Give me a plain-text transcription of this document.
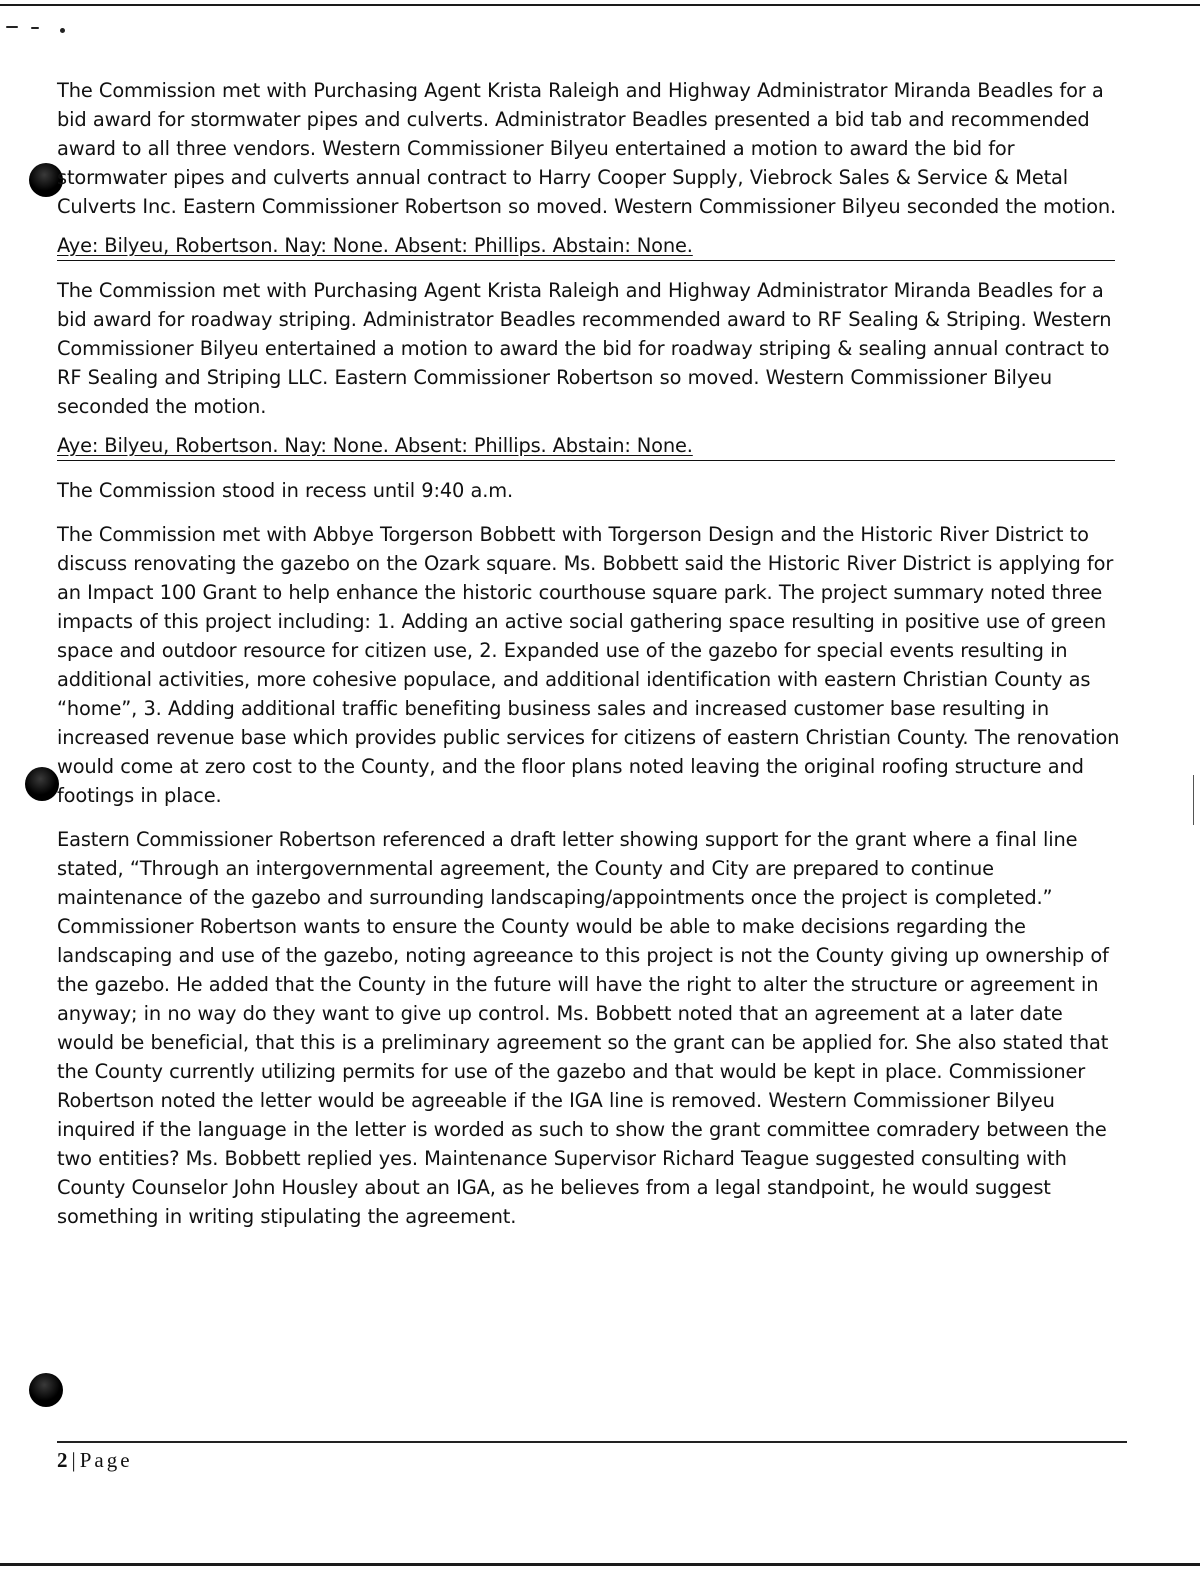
The Commission met with Purchasing Agent Krista Raleigh and Highway Administrator Miranda Beadles for a bid award for stormwater pipes and culverts. Administrator Beadles presented a bid tab and recommended award to all three vendors. Western Commissioner Bilyeu entertained a motion to award the bid for stormwater pipes and culverts annual contract to Harry Cooper Supply, Viebrock Sales & Service & Metal Culverts Inc. Eastern Commissioner Robertson so moved. Western Commissioner Bilyeu seconded the motion.

Aye: Bilyeu, Robertson. Nay: None. Absent: Phillips. Abstain: None.

The Commission met with Purchasing Agent Krista Raleigh and Highway Administrator Miranda Beadles for a bid award for roadway striping. Administrator Beadles recommended award to RF Sealing & Striping. Western Commissioner Bilyeu entertained a motion to award the bid for roadway striping & sealing annual contract to RF Sealing and Striping LLC. Eastern Commissioner Robertson so moved. Western Commissioner Bilyeu seconded the motion.

Aye: Bilyeu, Robertson. Nay: None. Absent: Phillips. Abstain: None.

The Commission stood in recess until 9:40 a.m.

The Commission met with Abbye Torgerson Bobbett with Torgerson Design and the Historic River District to discuss renovating the gazebo on the Ozark square. Ms. Bobbett said the Historic River District is applying for an Impact 100 Grant to help enhance the historic courthouse square park. The project summary noted three impacts of this project including: 1. Adding an active social gathering space resulting in positive use of green space and outdoor resource for citizen use, 2. Expanded use of the gazebo for special events resulting in additional activities, more cohesive populace, and additional identification with eastern Christian County as “home”, 3. Adding additional traffic benefiting business sales and increased customer base resulting in increased revenue base which provides public services for citizens of eastern Christian County. The renovation would come at zero cost to the County, and the floor plans noted leaving the original roofing structure and footings in place.

Eastern Commissioner Robertson referenced a draft letter showing support for the grant where a final line stated, “Through an intergovernmental agreement, the County and City are prepared to continue maintenance of the gazebo and surrounding landscaping/appointments once the project is completed.” Commissioner Robertson wants to ensure the County would be able to make decisions regarding the landscaping and use of the gazebo, noting agreeance to this project is not the County giving up ownership of the gazebo. He added that the County in the future will have the right to alter the structure or agreement in anyway; in no way do they want to give up control. Ms. Bobbett noted that an agreement at a later date would be beneficial, that this is a preliminary agreement so the grant can be applied for. She also stated that the County currently utilizing permits for use of the gazebo and that would be kept in place. Commissioner Robertson noted the letter would be agreeable if the IGA line is removed. Western Commissioner Bilyeu inquired if the language in the letter is worded as such to show the grant committee comradery between the two entities? Ms. Bobbett replied yes. Maintenance Supervisor Richard Teague suggested consulting with County Counselor John Housley about an IGA, as he believes from a legal standpoint, he would suggest something in writing stipulating the agreement.

2 | Page
